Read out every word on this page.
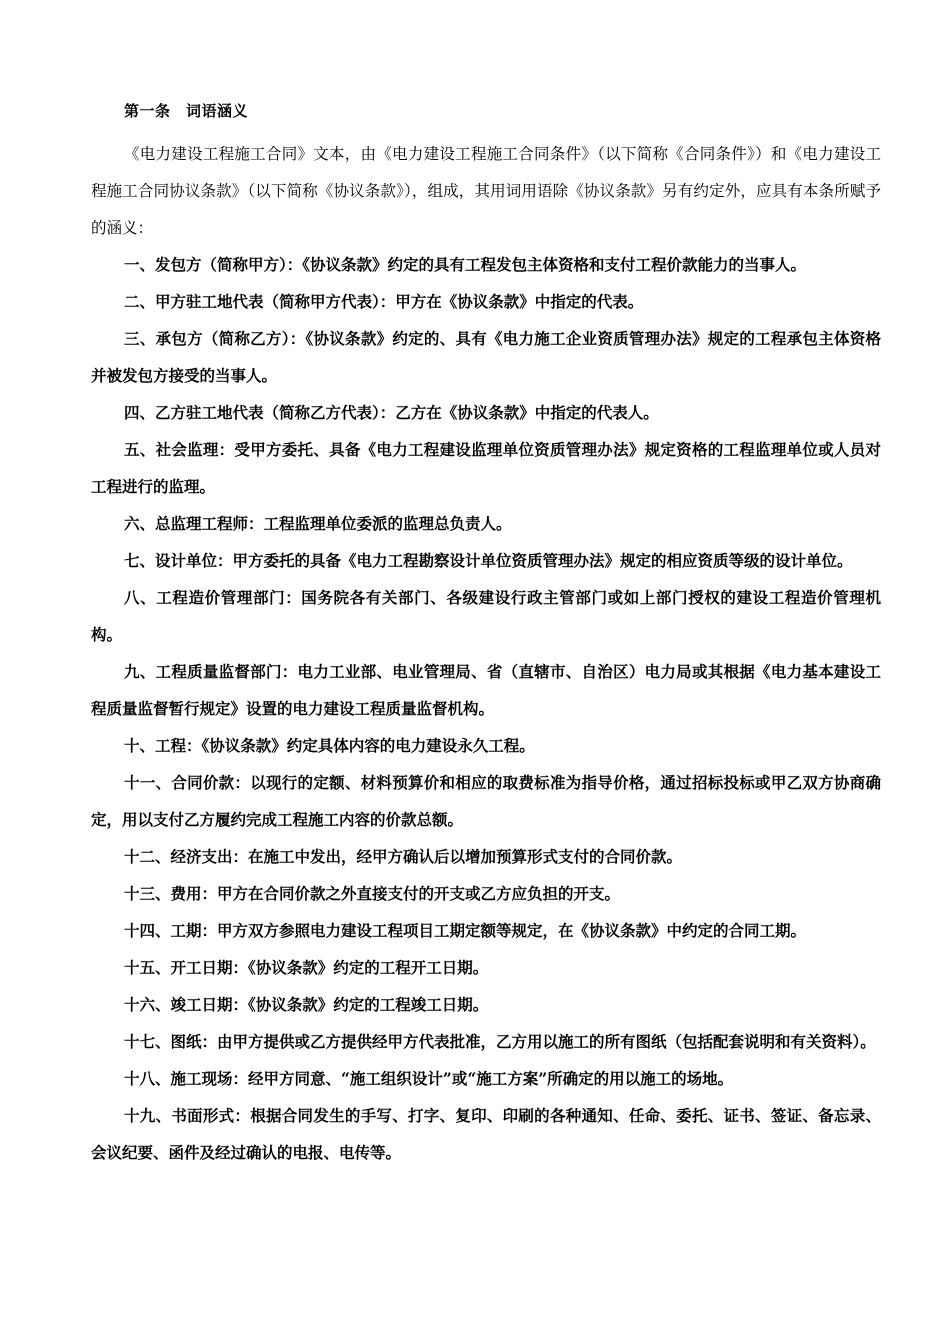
第一条　词语涵义

《电力建设工程施工合同》文本，由《电力建设工程施工合同条件》（以下简称《合同条件》）和《电力建设工程施工合同协议条款》（以下简称《协议条款》），组成，其用词用语除《协议条款》另有约定外，应具有本条所赋予的涵义：

一、发包方（简称甲方）：《协议条款》约定的具有工程发包主体资格和支付工程价款能力的当事人。

二、甲方驻工地代表（简称甲方代表）：甲方在《协议条款》中指定的代表。

三、承包方（简称乙方）：《协议条款》约定的、具有《电力施工企业资质管理办法》规定的工程承包主体资格并被发包方接受的当事人。

四、乙方驻工地代表（简称乙方代表）：乙方在《协议条款》中指定的代表人。

五、社会监理：受甲方委托、具备《电力工程建设监理单位资质管理办法》规定资格的工程监理单位或人员对工程进行的监理。

六、总监理工程师：工程监理单位委派的监理总负责人。

七、设计单位：甲方委托的具备《电力工程勘察设计单位资质管理办法》规定的相应资质等级的设计单位。

八、工程造价管理部门：国务院各有关部门、各级建设行政主管部门或如上部门授权的建设工程造价管理机构。

九、工程质量监督部门：电力工业部、电业管理局、省（直辖市、自治区）电力局或其根据《电力基本建设工程质量监督暂行规定》设置的电力建设工程质量监督机构。

十、工程：《协议条款》约定具体内容的电力建设永久工程。

十一、合同价款：以现行的定额、材料预算价和相应的取费标准为指导价格，通过招标投标或甲乙双方协商确定，用以支付乙方履约完成工程施工内容的价款总额。

十二、经济支出：在施工中发出，经甲方确认后以增加预算形式支付的合同价款。

十三、费用：甲方在合同价款之外直接支付的开支或乙方应负担的开支。

十四、工期：甲方双方参照电力建设工程项目工期定额等规定，在《协议条款》中约定的合同工期。

十五、开工日期：《协议条款》约定的工程开工日期。

十六、竣工日期：《协议条款》约定的工程竣工日期。

十七、图纸：由甲方提供或乙方提供经甲方代表批准，乙方用以施工的所有图纸（包括配套说明和有关资料）。

十八、施工现场：经甲方同意、“施工组织设计”或“施工方案”所确定的用以施工的场地。

十九、书面形式：根据合同发生的手写、打字、复印、印刷的各种通知、任命、委托、证书、签证、备忘录、会议纪要、函件及经过确认的电报、电传等。
